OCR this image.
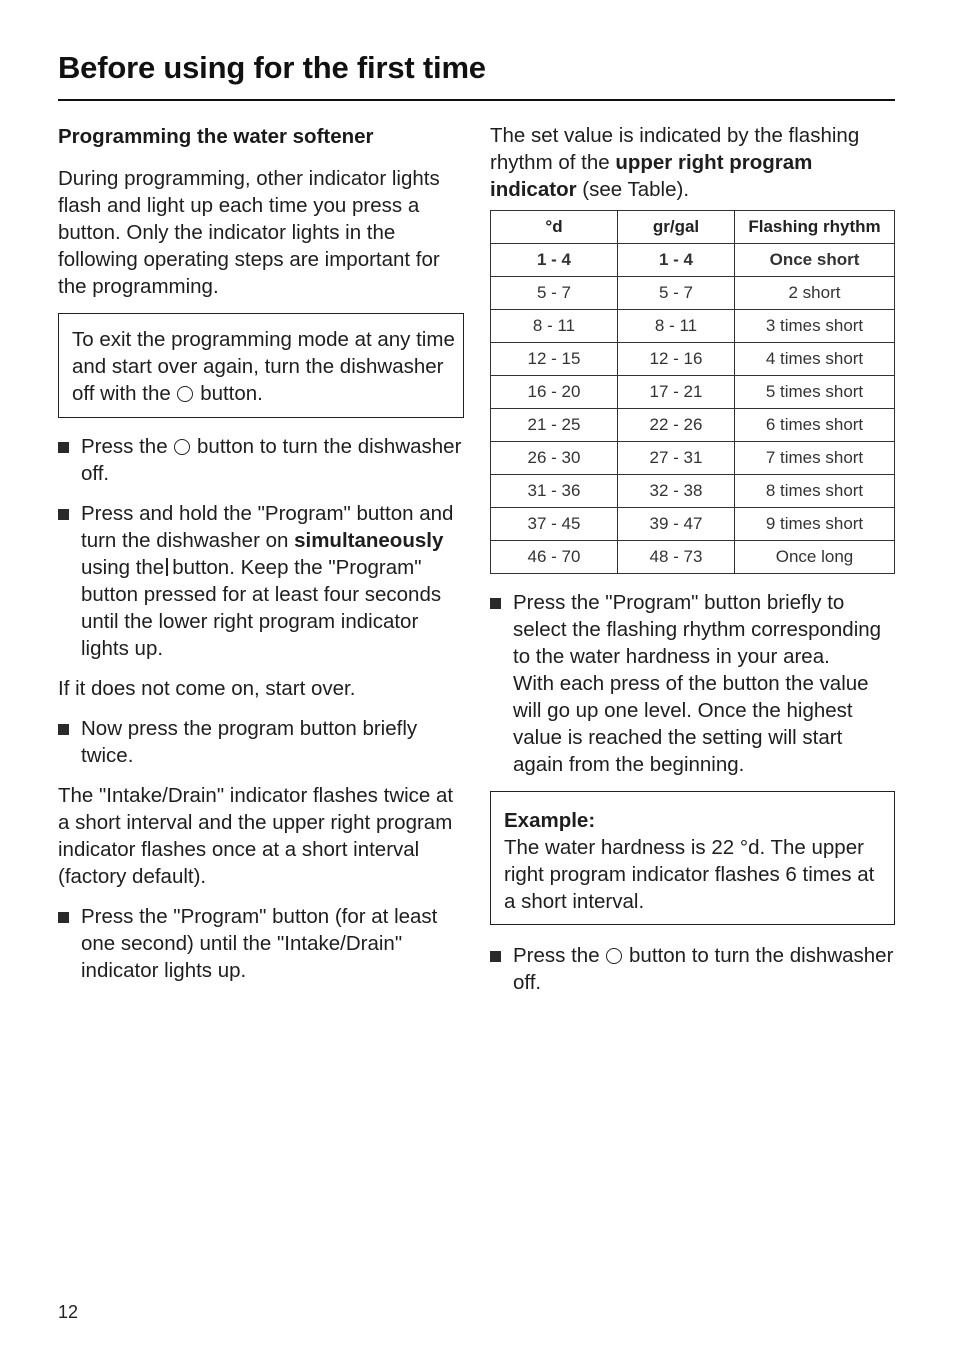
Before using for the first time
Programming the water softener

During programming, other indicator lights flash and light up each time you press a button. Only the indicator lights in the following operating steps are important for the programming.

To exit the programming mode at any time and start over again, turn the dishwasher off with the button.
Press the button to turn the dishwasher off.
Press and hold the "Program" button and turn the dishwasher on simultaneously using the button. Keep the "Program" button pressed for at least four seconds until the lower right program indicator lights up.

If it does not come on, start over.

Now press the program button briefly twice.

The "Intake/Drain" indicator flashes twice at a short interval and the upper right program indicator flashes once at a short interval (factory default).

Press the "Program" button (for at least one second) until the "Intake/Drain" indicator lights up.

The set value is indicated by the flashing rhythm of the upper right program indicator (see Table).

°d	gr/gal	Flashing rhythm
1 - 4	1 - 4	Once short
5 - 7	5 - 7	2 short
8 - 11	8 - 11	3 times short
12 - 15	12 - 16	4 times short
16 - 20	17 - 21	5 times short
21 - 25	22 - 26	6 times short
26 - 30	27 - 31	7 times short
31 - 36	32 - 38	8 times short
37 - 45	39 - 47	9 times short
46 - 70	48 - 73	Once long
Press the "Program" button briefly to select the flashing rhythm corresponding to the water hardness in your area.
With each press of the button the value will go up one level. Once the highest value is reached the setting will start again from the beginning.
Example:
The water hardness is 22 °d. The upper right program indicator flashes 6 times at a short interval.
Press the button to turn the dishwasher off.
12
